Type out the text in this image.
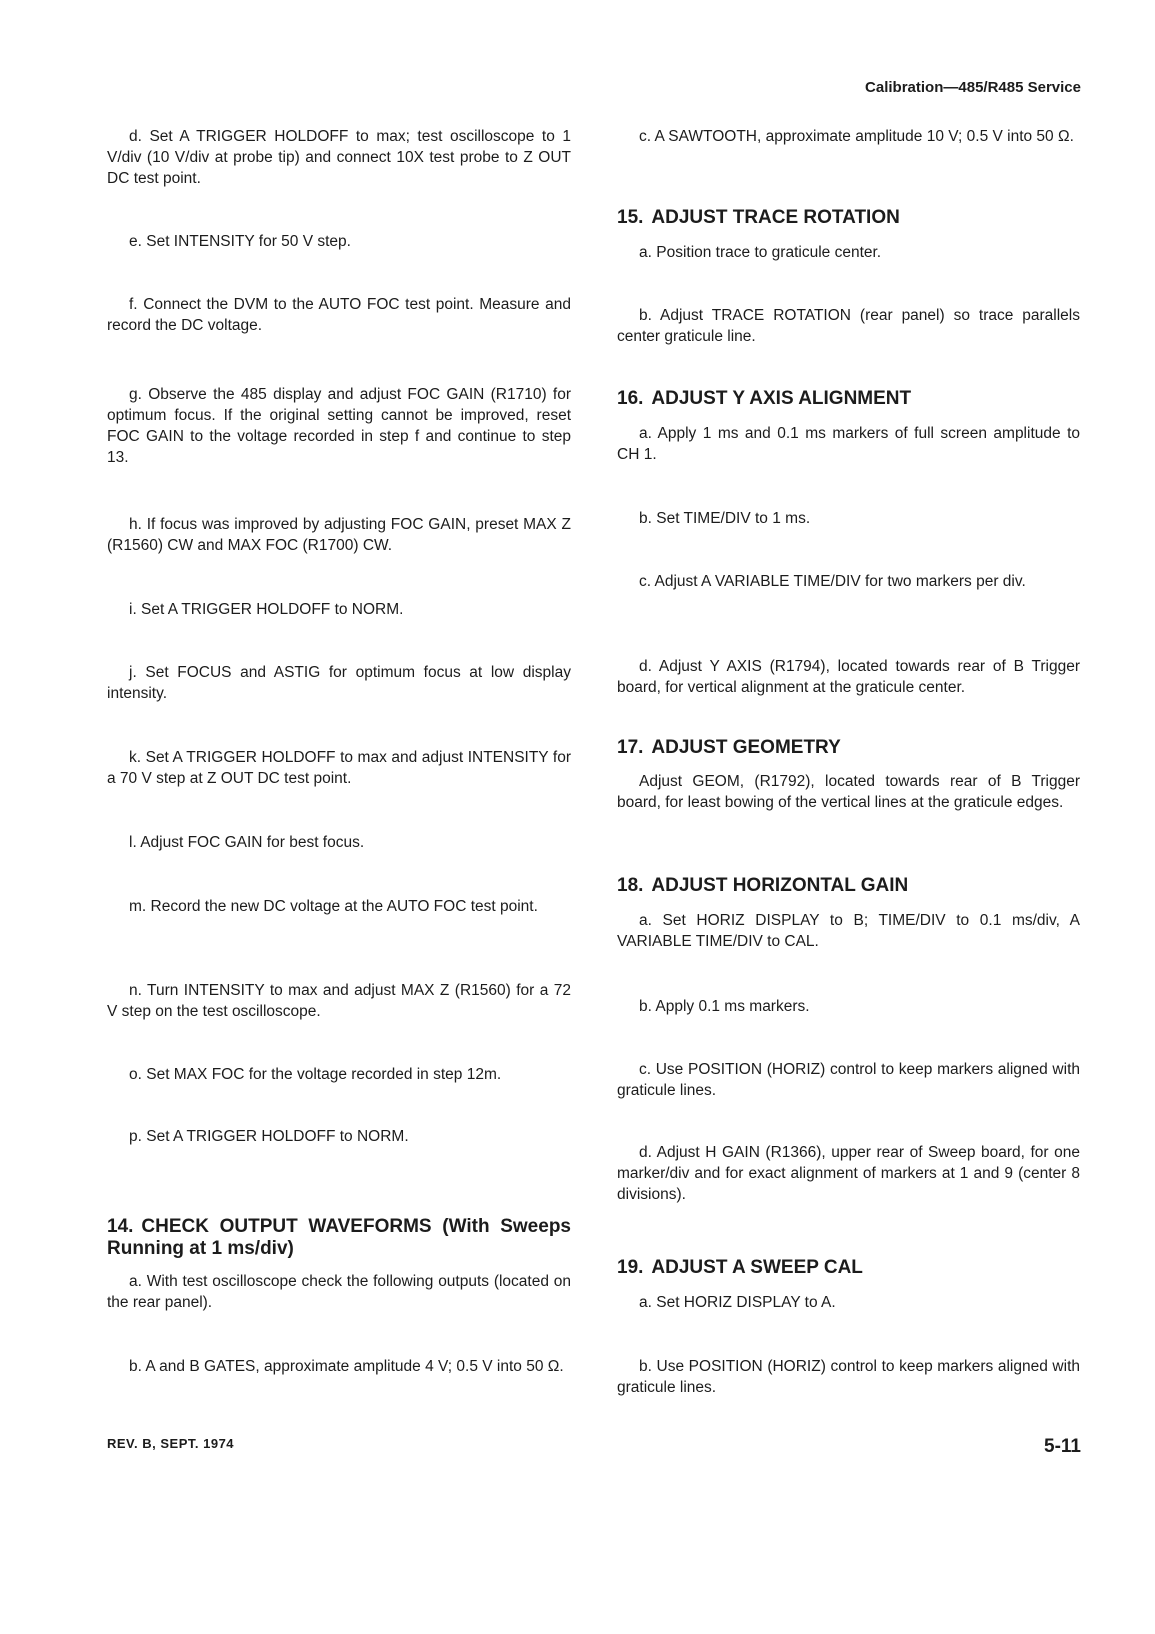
Calibration—485/R485 Service

d. Set A TRIGGER HOLDOFF to max; test oscilloscope to 1 V/div (10 V/div at probe tip) and connect 10X test probe to Z OUT DC test point.

e. Set INTENSITY for 50 V step.

f. Connect the DVM to the AUTO FOC test point. Measure and record the DC voltage.

g. Observe the 485 display and adjust FOC GAIN (R1710) for optimum focus. If the original setting cannot be improved, reset FOC GAIN to the voltage recorded in step f and continue to step 13.

h. If focus was improved by adjusting FOC GAIN, preset MAX Z (R1560) CW and MAX FOC (R1700) CW.

i. Set A TRIGGER HOLDOFF to NORM.

j. Set FOCUS and ASTIG for optimum focus at low display intensity.

k. Set A TRIGGER HOLDOFF to max and adjust INTENSITY for a 70 V step at Z OUT DC test point.

l. Adjust FOC GAIN for best focus.

m. Record the new DC voltage at the AUTO FOC test point.

n. Turn INTENSITY to max and adjust MAX Z (R1560) for a 72 V step on the test oscilloscope.

o. Set MAX FOC for the voltage recorded in step 12m.

p. Set A TRIGGER HOLDOFF to NORM.

14. CHECK OUTPUT WAVEFORMS (With Sweeps Running at 1 ms/div)

a. With test oscilloscope check the following outputs (located on the rear panel).

b. A and B GATES, approximate amplitude 4 V; 0.5 V into 50 Ω.

c. A SAWTOOTH, approximate amplitude 10 V; 0.5 V into 50 Ω.

15. ADJUST TRACE ROTATION

a. Position trace to graticule center.

b. Adjust TRACE ROTATION (rear panel) so trace parallels center graticule line.

16. ADJUST Y AXIS ALIGNMENT

a. Apply 1 ms and 0.1 ms markers of full screen amplitude to CH 1.

b. Set TIME/DIV to 1 ms.

c. Adjust A VARIABLE TIME/DIV for two markers per div.

d. Adjust Y AXIS (R1794), located towards rear of B Trigger board, for vertical alignment at the graticule center.

17. ADJUST GEOMETRY

Adjust GEOM, (R1792), located towards rear of B Trigger board, for least bowing of the vertical lines at the graticule edges.

18. ADJUST HORIZONTAL GAIN

a. Set HORIZ DISPLAY to B; TIME/DIV to 0.1 ms/div, A VARIABLE TIME/DIV to CAL.

b. Apply 0.1 ms markers.

c. Use POSITION (HORIZ) control to keep markers aligned with graticule lines.

d. Adjust H GAIN (R1366), upper rear of Sweep board, for one marker/div and for exact alignment of markers at 1 and 9 (center 8 divisions).

19. ADJUST A SWEEP CAL

a. Set HORIZ DISPLAY to A.

b. Use POSITION (HORIZ) control to keep markers aligned with graticule lines.

REV. B, SEPT. 1974	5-11
